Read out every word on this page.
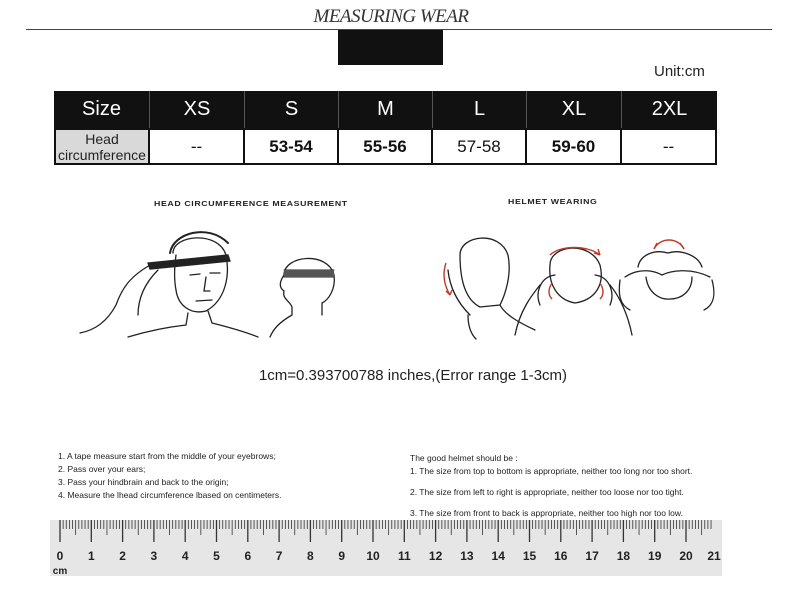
MEASURING WEAR
Unit:cm
Size	XS	S	M	L	XL	2XL
Head
circumference	--	53-54	55-56	57-58	59-60	--
HEAD CIRCUMFERENCE MEASUREMENT	HELMET WEARING
1cm=0.393700788 inches,(Error range 1-3cm)
1. A tape measure start from the middle of your eyebrows;
2. Pass over your ears;
3. Pass your hindbrain and back to the origin;
4. Measure the lhead circumference lbased on centimeters.
The good helmet should be :
1. The size from top to bottom is appropriate, neither too long nor too short.
2. The size from left to right is appropriate, neither too loose nor too tight.
3. The size from front to back is appropriate, neither too high nor too low.
0 1 2 3 4 5 6 7 8 9 10 11 12 13 14 15 16 17 18 19 20 21
cm
